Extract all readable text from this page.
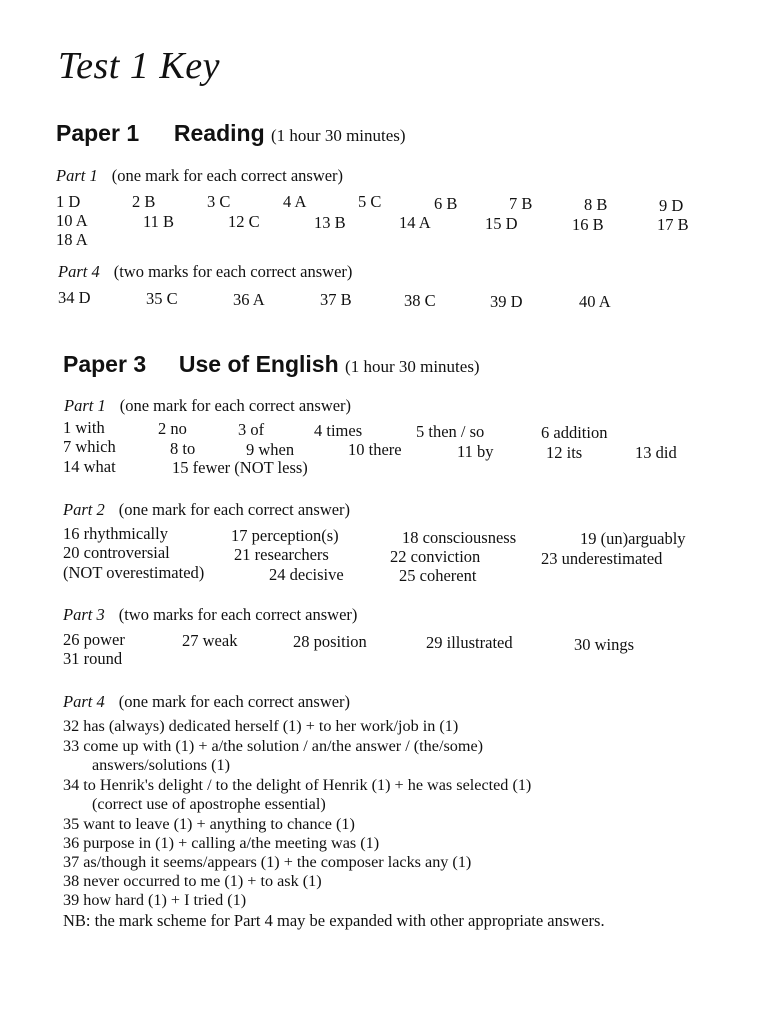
Test 1 Key
Paper 1 Reading (1 hour 30 minutes)
Part 1 (one mark for each correct answer)
1 D	2 B	3 C	4 A	5 C	6 B	7 B	8 B	9 D
10 A	11 B	12 C	13 B	14 A	15 D	16 B	17 B
18 A
Part 4 (two marks for each correct answer)
34 D	35 C	36 A	37 B	38 C	39 D	40 A
Paper 3 Use of English (1 hour 30 minutes)
Part 1 (one mark for each correct answer)
1 with	2 no	3 of	4 times	5 then / so	6 addition
7 which	8 to	9 when	10 there	11 by	12 its	13 did
14 what	15 fewer (NOT less)
Part 2 (one mark for each correct answer)
16 rhythmically	17 perception(s)	18 consciousness	19 (un)arguably
20 controversial	21 researchers	22 conviction	23 underestimated
(NOT overestimated)	24 decisive	25 coherent
Part 3 (two marks for each correct answer)
26 power	27 weak	28 position	29 illustrated	30 wings
31 round
Part 4 (one mark for each correct answer)
32 has (always) dedicated herself (1) + to her work/job in (1)
33 come up with (1) + a/the solution / an/the answer / (the/some)
answers/solutions (1)
34 to Henrik's delight / to the delight of Henrik (1) + he was selected (1)
(correct use of apostrophe essential)
35 want to leave (1) + anything to chance (1)
36 purpose in (1) + calling a/the meeting was (1)
37 as/though it seems/appears (1) + the composer lacks any (1)
38 never occurred to me (1) + to ask (1)
39 how hard (1) + I tried (1)
NB: the mark scheme for Part 4 may be expanded with other appropriate answers.
